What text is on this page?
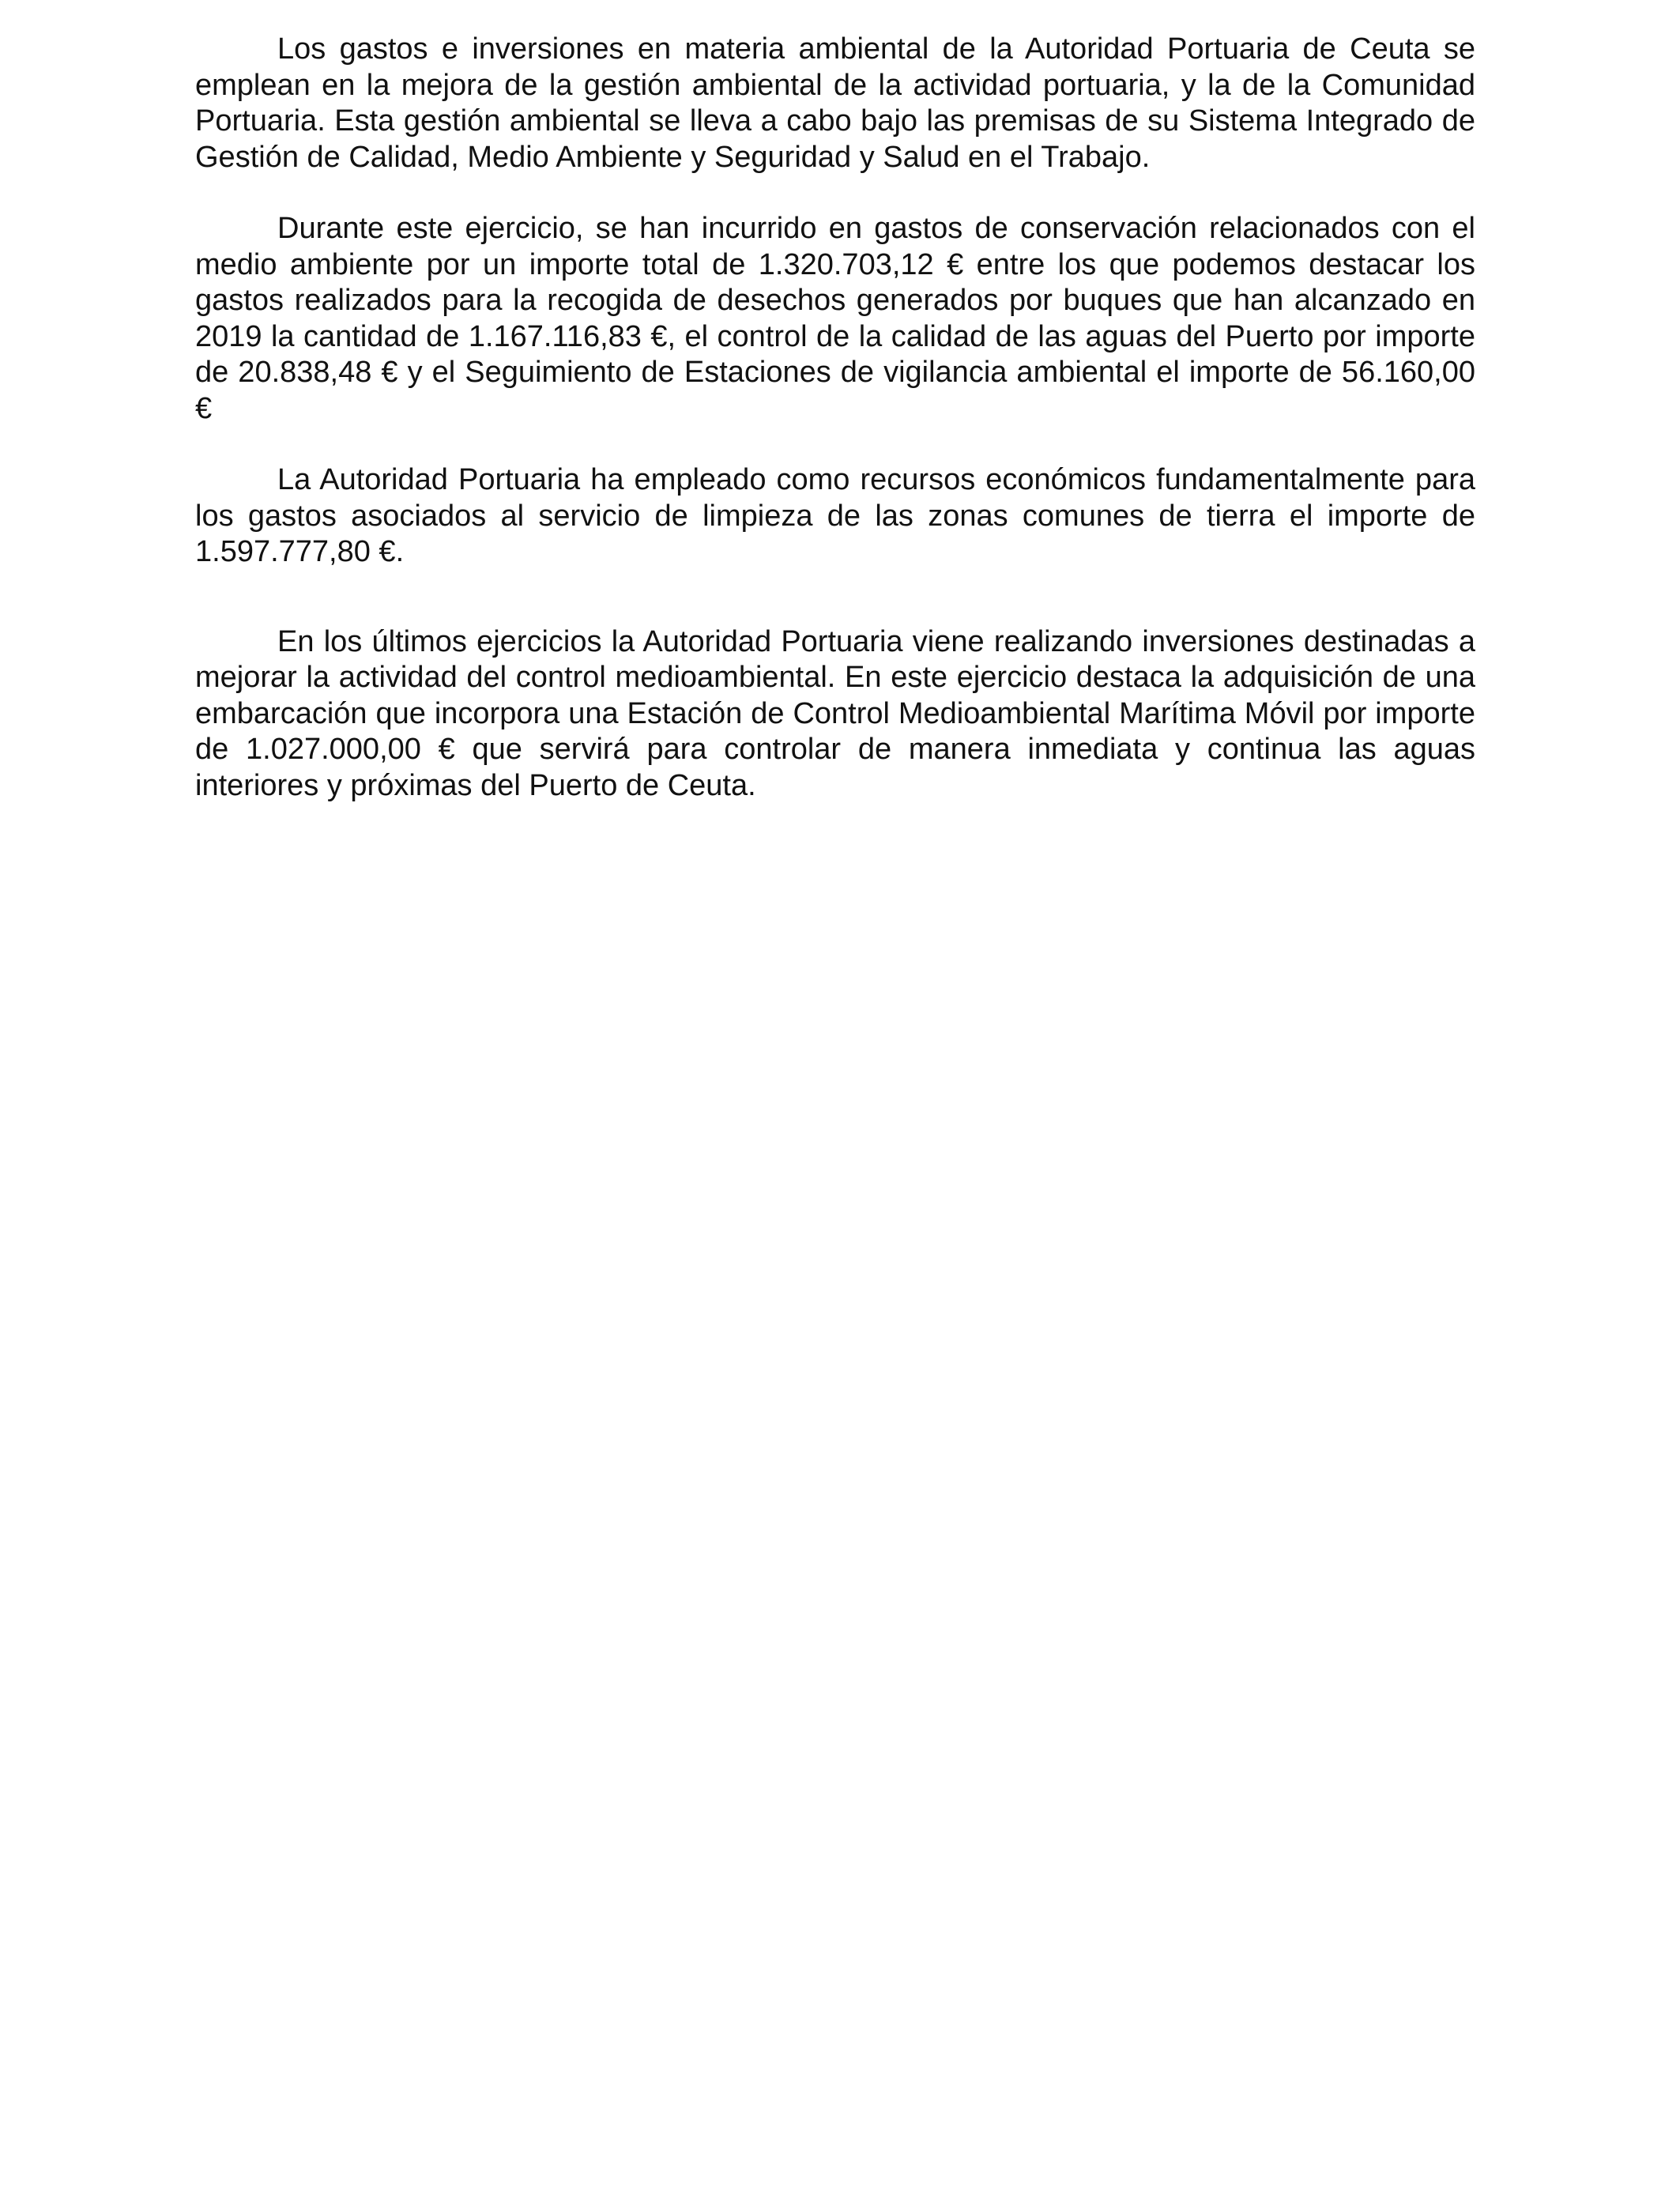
Los gastos e inversiones en materia ambiental de la Autoridad Portuaria de Ceuta se emplean en la mejora de la gestión ambiental de la actividad portuaria, y la de la Comunidad Portuaria. Esta gestión ambiental se lleva a cabo bajo las premisas de su Sistema Integrado de Gestión de Calidad, Medio Ambiente y Seguridad y Salud en el Trabajo.

Durante este ejercicio, se han incurrido en gastos de conservación relacionados con el medio ambiente por un importe total de 1.320.703,12 € entre los que podemos destacar los gastos realizados para la recogida de desechos generados por buques que han alcanzado en 2019 la cantidad de 1.167.116,83 €, el control de la calidad de las aguas del Puerto por importe de 20.838,48 € y el Seguimiento de Estaciones de vigilancia ambiental el importe de 56.160,00 €

La Autoridad Portuaria ha empleado como recursos económicos fundamentalmente para los gastos asociados al servicio de limpieza de las zonas comunes de tierra el importe de 1.597.777,80 €.

En los últimos ejercicios la Autoridad Portuaria viene realizando inversiones destinadas a mejorar la actividad del control medioambiental. En este ejercicio destaca la adquisición de una embarcación que incorpora una Estación de Control Medioambiental Marítima Móvil por importe de 1.027.000,00 € que servirá para controlar de manera inmediata y continua las aguas interiores y próximas del Puerto de Ceuta.
